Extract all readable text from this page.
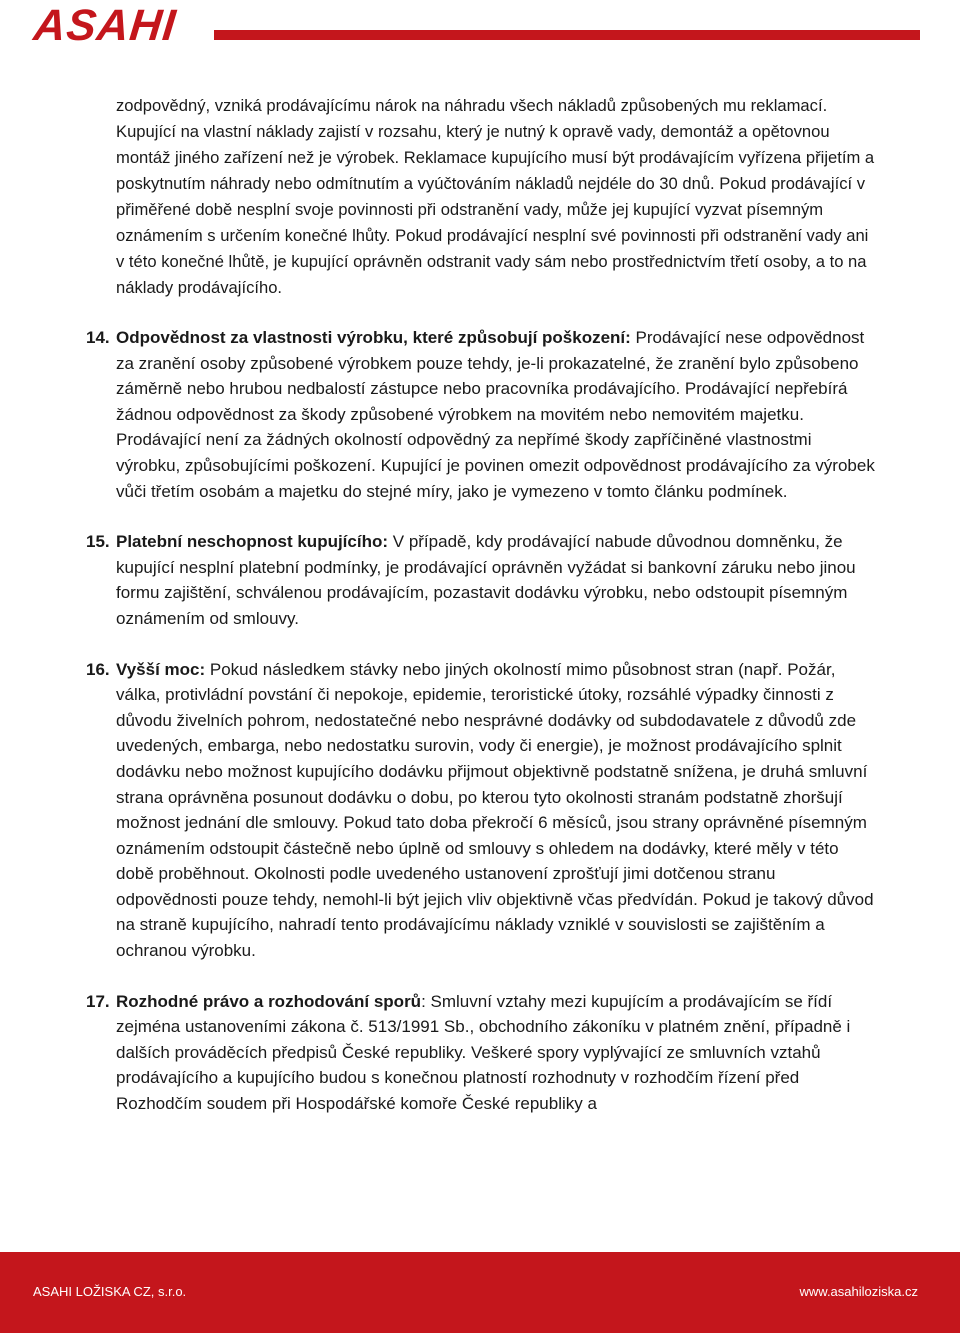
ASAHI

zodpovědný, vzniká prodávajícímu nárok na náhradu všech nákladů způsobených mu reklamací. Kupující na vlastní náklady zajistí v rozsahu, který je nutný k opravě vady, demontáž a opětovnou montáž jiného zařízení než je výrobek. Reklamace kupujícího musí být prodávajícím vyřízena přijetím a poskytnutím náhrady nebo odmítnutím a vyúčtováním nákladů nejdéle do 30 dnů. Pokud prodávající v přiměřené době nesplní svoje povinnosti při odstranění vady, může jej kupující vyzvat písemným oznámením s určením konečné lhůty. Pokud prodávající nesplní své povinnosti při odstranění vady ani v této konečné lhůtě, je kupující oprávněn odstranit vady sám nebo prostřednictvím třetí osoby, a to na náklady prodávajícího.

14. Odpovědnost za vlastnosti výrobku, které způsobují poškození: Prodávající nese odpovědnost za zranění osoby způsobené výrobkem pouze tehdy, je-li prokazatelné, že zranění bylo způsobeno záměrně nebo hrubou nedbalostí zástupce nebo pracovníka prodávajícího. Prodávající nepřebírá žádnou odpovědnost za škody způsobené výrobkem na movitém nebo nemovitém majetku. Prodávající není za žádných okolností odpovědný za nepřímé škody zapříčiněné vlastnostmi výrobku, způsobujícími poškození. Kupující je povinen omezit odpovědnost prodávajícího za výrobek vůči třetím osobám a majetku do stejné míry, jako je vymezeno v tomto článku podmínek.

15. Platební neschopnost kupujícího: V případě, kdy prodávající nabude důvodnou domněnku, že kupující nesplní platební podmínky, je prodávající oprávněn vyžádat si bankovní záruku nebo jinou formu zajištění, schválenou prodávajícím, pozastavit dodávku výrobku, nebo odstoupit písemným oznámením od smlouvy.

16. Vyšší moc: Pokud následkem stávky nebo jiných okolností mimo působnost stran (např. Požár, válka, protivládní povstání či nepokoje, epidemie, teroristické útoky, rozsáhlé výpadky činnosti z důvodu živelních pohrom, nedostatečné nebo nesprávné dodávky od subdodavatele z důvodů zde uvedených, embarga, nebo nedostatku surovin, vody či energie), je možnost prodávajícího splnit dodávku nebo možnost kupujícího dodávku přijmout objektivně podstatně snížena, je druhá smluvní strana oprávněna posunout dodávku o dobu, po kterou tyto okolnosti stranám podstatně zhoršují možnost jednání dle smlouvy. Pokud tato doba překročí 6 měsíců, jsou strany oprávněné písemným oznámením odstoupit částečně nebo úplně od smlouvy s ohledem na dodávky, které měly v této době proběhnout. Okolnosti podle uvedeného ustanovení zprošťují jimi dotčenou stranu odpovědnosti pouze tehdy, nemohl-li být jejich vliv objektivně včas předvídán. Pokud je takový důvod na straně kupujícího, nahradí tento prodávajícímu náklady vzniklé v souvislosti se zajištěním a ochranou výrobku.

17. Rozhodné právo a rozhodování sporů: Smluvní vztahy mezi kupujícím a prodávajícím se řídí zejména ustanoveními zákona č. 513/1991 Sb., obchodního zákoníku v platném znění, případně i dalších prováděcích předpisů České republiky. Veškeré spory vyplývající ze smluvních vztahů prodávajícího a kupujícího budou s konečnou platností rozhodnuty v rozhodčím řízení před Rozhodčím soudem při Hospodářské komoře České republiky a

ASAHI LOŽISKA CZ, s.r.o.	www.asahiloziska.cz
